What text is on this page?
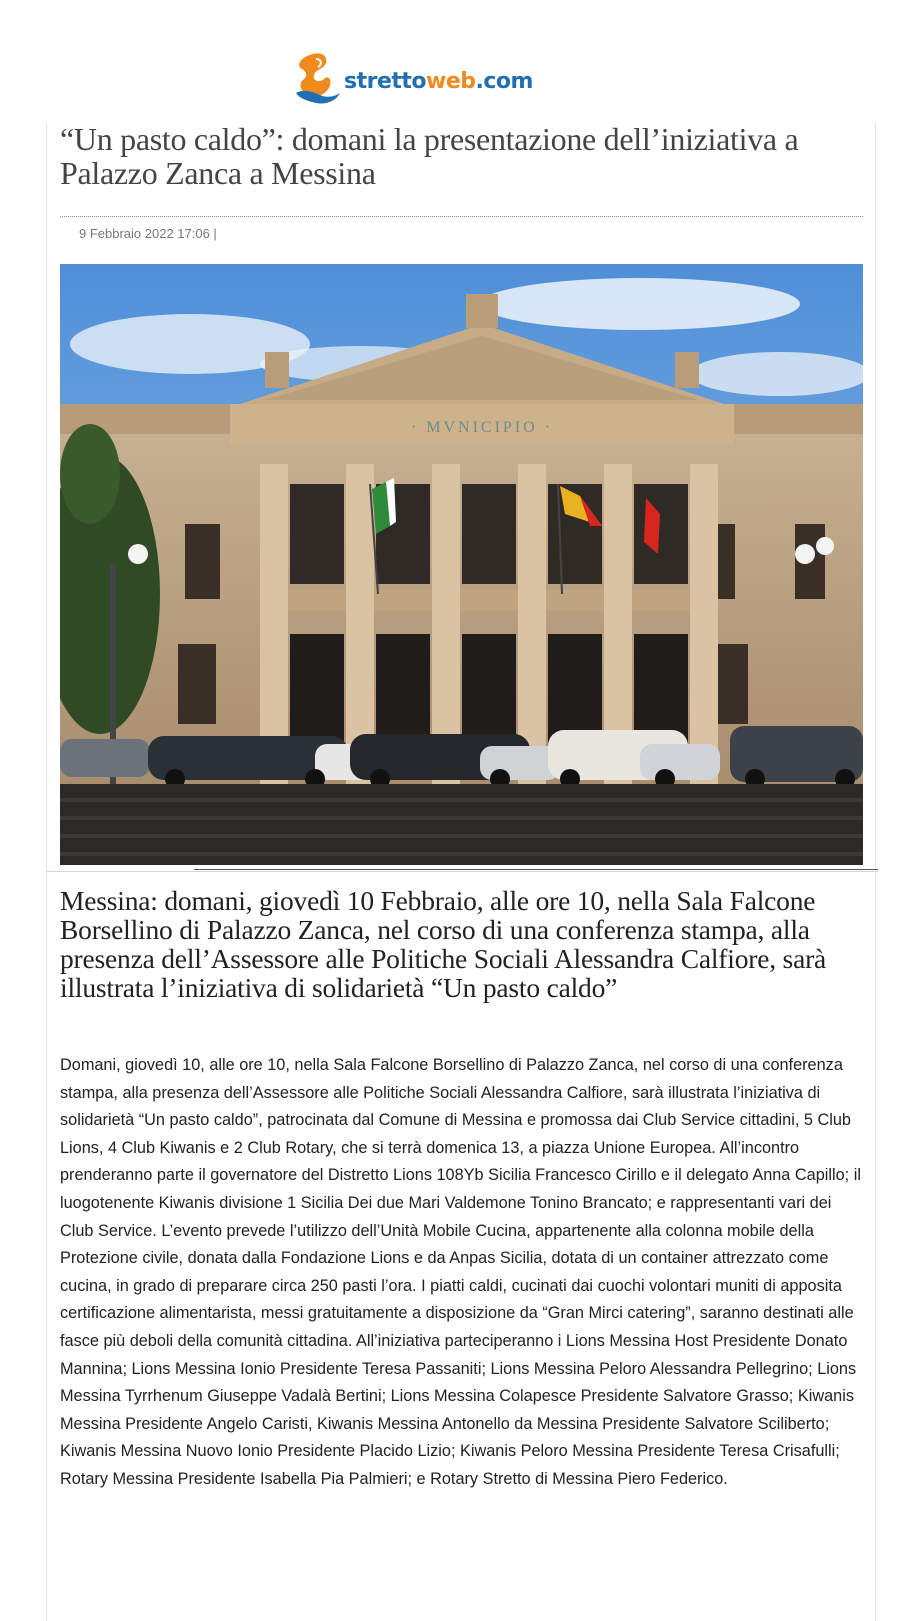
strettoweb.com
“Un pasto caldo”: domani la presentazione dell’iniziativa a Palazzo Zanca a Messina
9 Febbraio 2022 17:06 |
· MVNICIPIO ·
Messina: domani, giovedì 10 Febbraio, alle ore 10, nella Sala Falcone Borsellino di Palazzo Zanca, nel corso di una conferenza stampa, alla presenza dell’Assessore alle Politiche Sociali Alessandra Calfiore, sarà illustrata l’iniziativa di solidarietà “Un pasto caldo”

Domani, giovedì 10, alle ore 10, nella Sala Falcone Borsellino di Palazzo Zanca, nel corso di una conferenza stampa, alla presenza dell’Assessore alle Politiche Sociali Alessandra Calfiore, sarà illustrata l’iniziativa di solidarietà “Un pasto caldo”, patrocinata dal Comune di Messina e promossa dai Club Service cittadini, 5 Club Lions, 4 Club Kiwanis e 2 Club Rotary, che si terrà domenica 13, a piazza Unione Europea. All’incontro prenderanno parte il governatore del Distretto Lions 108Yb Sicilia Francesco Cirillo e il delegato Anna Capillo; il luogotenente Kiwanis divisione 1 Sicilia Dei due Mari Valdemone Tonino Brancato; e rappresentanti vari dei Club Service. L’evento prevede l’utilizzo dell’Unità Mobile Cucina, appartenente alla colonna mobile della Protezione civile, donata dalla Fondazione Lions e da Anpas Sicilia, dotata di un container attrezzato come cucina, in grado di preparare circa 250 pasti l’ora. I piatti caldi, cucinati dai cuochi volontari muniti di apposita certificazione alimentarista, messi gratuitamente a disposizione da “Gran Mirci catering”, saranno destinati alle fasce più deboli della comunità cittadina. All’iniziativa parteciperanno i Lions Messina Host Presidente Donato Mannina; Lions Messina Ionio Presidente Teresa Passaniti; Lions Messina Peloro Alessandra Pellegrino; Lions Messina Tyrrhenum Giuseppe Vadalà Bertini; Lions Messina Colapesce Presidente Salvatore Grasso; Kiwanis Messina Presidente Angelo Caristi, Kiwanis Messina Antonello da Messina Presidente Salvatore Sciliberto; Kiwanis Messina Nuovo Ionio Presidente Placido Lizio; Kiwanis Peloro Messina Presidente Teresa Crisafulli; Rotary Messina Presidente Isabella Pia Palmieri; e Rotary Stretto di Messina Piero Federico.
